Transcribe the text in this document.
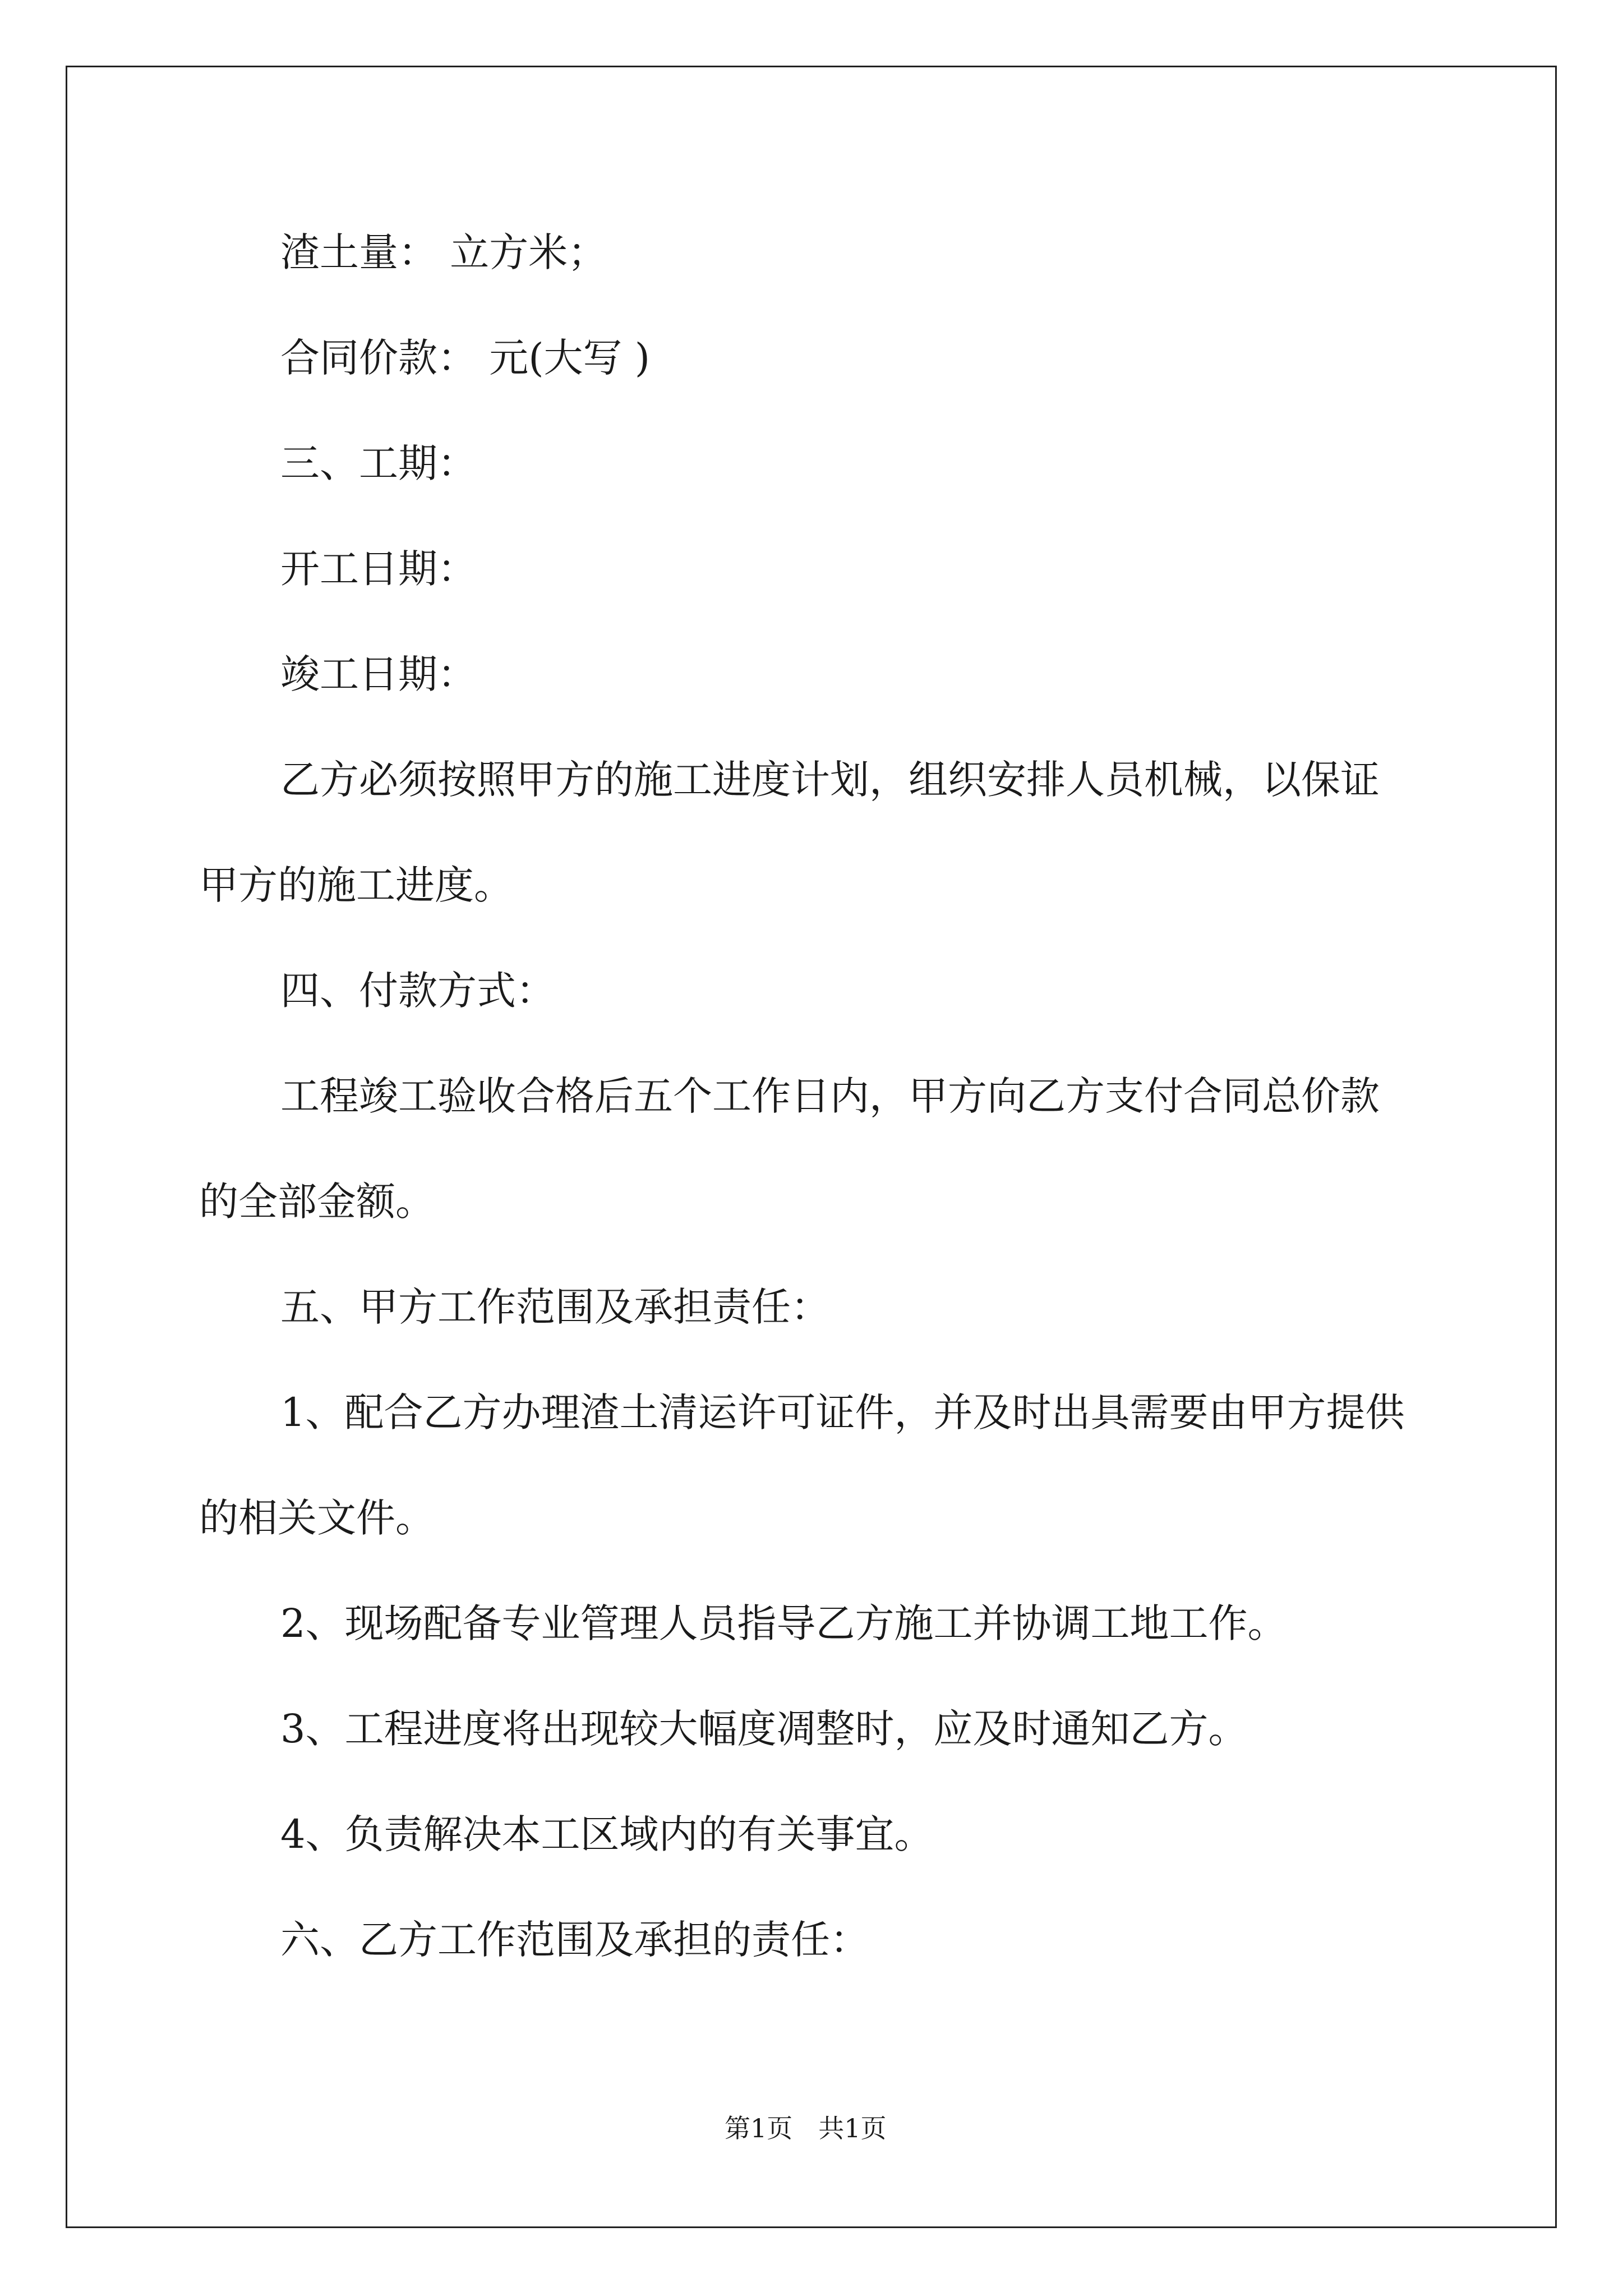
渣土量： 立方米；

合同价款： 元(大写 )

三、工期：

开工日期：

竣工日期：

乙方必须按照甲方的施工进度计划，组织安排人员机械，以保证

甲方的施工进度。

四、付款方式：

工程竣工验收合格后五个工作日内，甲方向乙方支付合同总价款

的全部金额。

五、甲方工作范围及承担责任：

1、配合乙方办理渣土清运许可证件，并及时出具需要由甲方提供

的相关文件。

2、现场配备专业管理人员指导乙方施工并协调工地工作。

3、工程进度将出现较大幅度凋整时，应及时通知乙方。

4、负责解决本工区域内的有关事宜。

六、乙方工作范围及承担的责任：

第1页 共1页
